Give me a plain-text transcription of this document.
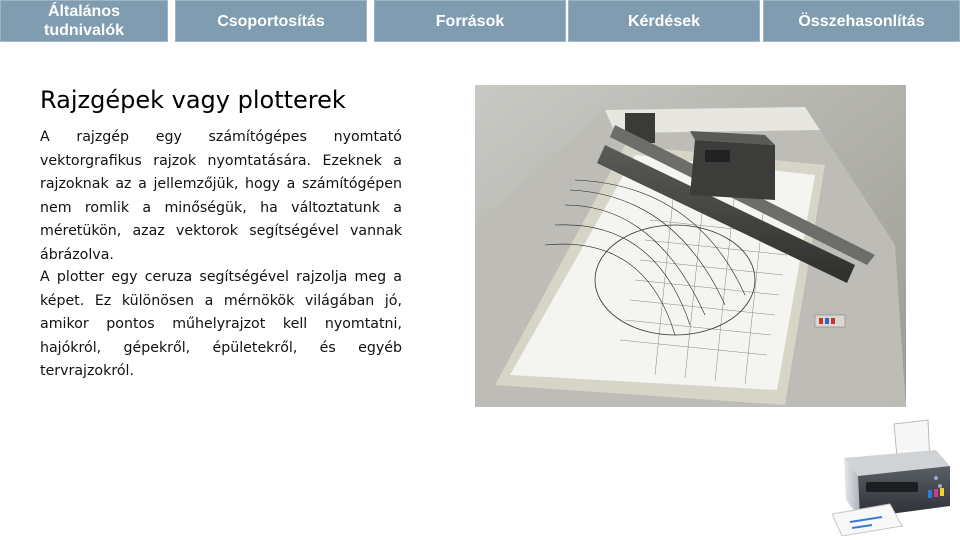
Általános tudnivalók
Csoportosítás	Források	Kérdések	Összehasonlítás
Rajzgépek vagy plotterek

A rajzgép egy számítógépes nyomtató vektorgrafikus rajzok nyomtatására. Ezeknek a rajzoknak az a jellemzőjük, hogy a számítógépen nem romlik a minőségük, ha változtatunk a méretükön, azaz vektorok segítségével vannak ábrázolva.

A plotter egy ceruza segítségével rajzolja meg a képet. Ez különösen a mérnökök világában jó, amikor pontos műhelyrajzot kell nyomtatni, hajókról, gépekről, épületekről, és egyéb tervrajzokról.
